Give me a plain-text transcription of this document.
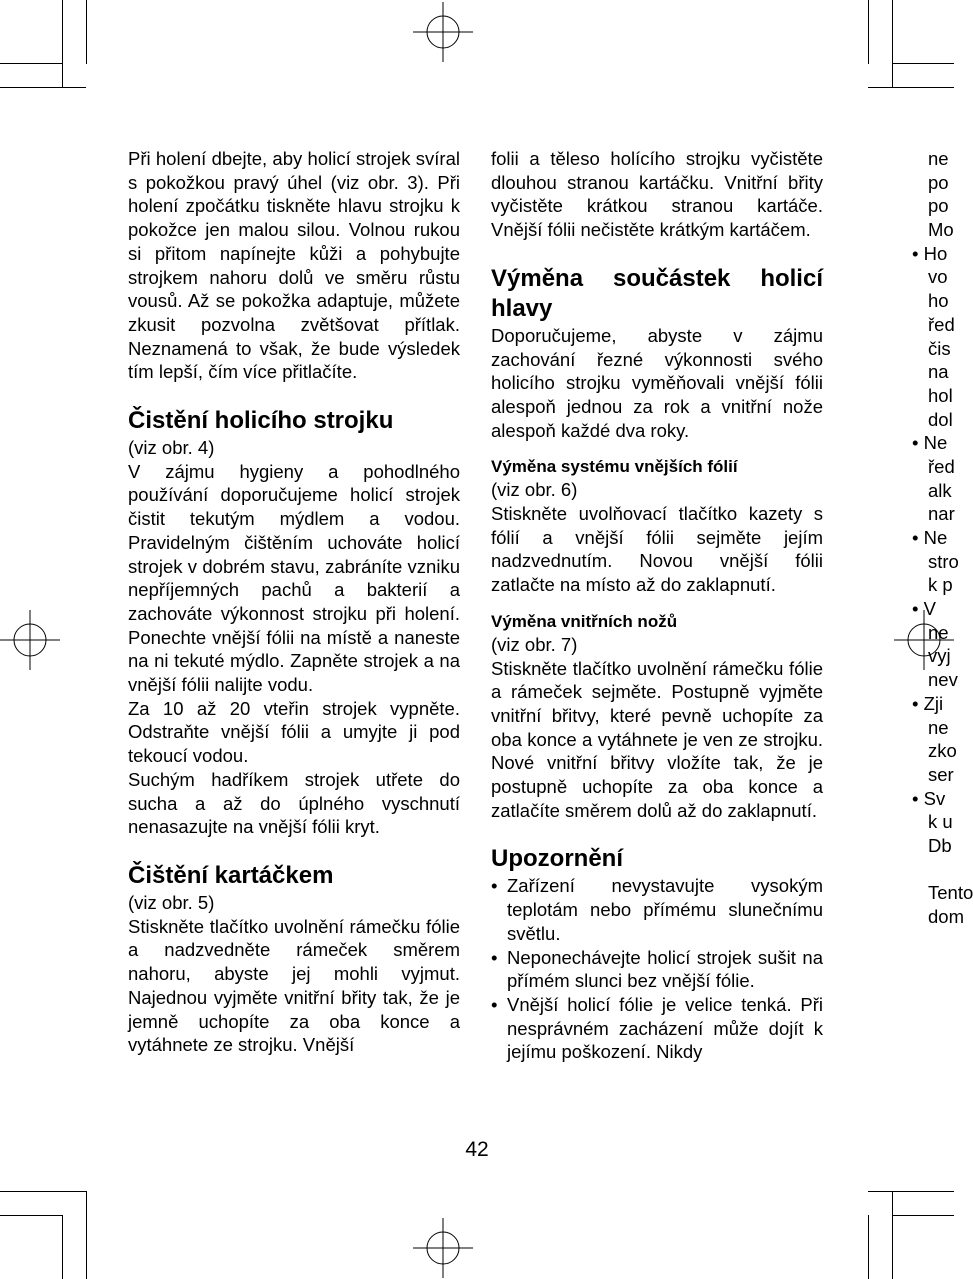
Při holení dbejte, aby holicí strojek svíral s pokožkou pravý úhel (viz obr. 3). Při holení zpočátku tiskněte hlavu strojku k pokožce jen malou silou. Volnou rukou si přitom napínejte kůži a pohybujte strojkem nahoru dolů ve směru růstu vousů. Až se pokožka adaptuje, můžete zkusit pozvolna zvětšovat přítlak. Neznamená to však, že bude výsledek tím lepší, čím více přitlačíte.

Čistění holicího strojku

(viz obr. 4)

V zájmu hygieny a pohodlného používání doporučujeme holicí strojek čistit tekutým mýdlem a vodou. Pravidelným čištěním uchováte holicí strojek v dobrém stavu, zabráníte vzniku nepříjemných pachů a bakterií a zachováte výkonnost strojku při holení. Ponechte vnější fólii na místě a naneste na ni tekuté mýdlo. Zapněte strojek a na vnější fólii nalijte vodu.

Za 10 až 20 vteřin strojek vypněte. Odstraňte vnější fólii a umyjte ji pod tekoucí vodou.

Suchým hadříkem strojek utřete do sucha a až do úplného vyschnutí nenasazujte na vnější fólii kryt.

Čištění kartáčkem

(viz obr. 5)

Stiskněte tlačítko uvolnění rámečku fólie a nadzvedněte rámeček směrem nahoru, abyste jej mohli vyjmut. Najednou vyjměte vnitřní břity tak, že je jemně uchopíte za oba konce a vytáhnete ze strojku. Vnější

folii a těleso holícího strojku vyčistěte dlouhou stranou kartáčku. Vnitřní břity vyčistěte krátkou stranou kartáče. Vnější fólii nečistěte krátkým kartáčem.

Výměna součástek holicí hlavy

Doporučujeme, abyste v zájmu zachování řezné výkonnosti svého holicího strojku vyměňovali vnější fólii alespoň jednou za rok a vnitřní nože alespoň každé dva roky.

Výměna systému vnějších fólií

(viz obr. 6)

Stiskněte uvolňovací tlačítko kazety s fólií a vnější fólii sejměte jejím nadzvednutím. Novou vnější fólii zatlačte na místo až do zaklapnutí.

Výměna vnitřních nožů

(viz obr. 7)

Stiskněte tlačítko uvolnění rámečku fólie a rámeček sejměte. Postupně vyjměte vnitřní břitvy, které pevně uchopíte za oba konce a vytáhnete je ven ze strojku. Nové vnitřní břitvy vložíte tak, že je postupně uchopíte za oba konce a zatlačíte směrem dolů až do zaklapnutí.

Upozornění
• Zařízení nevystavujte vysokým teplotám nebo přímému slunečnímu světlu.
• Neponechávejte holicí strojek sušit na přímém slunci bez vnější fólie.
• Vnější holicí fólie je velice tenká. Při nesprávném zacházení může dojít k jejímu poškození. Nikdy
ne
po
po
Mo
• Ho
vo
ho
řed
čis
na
hol
dol
• Ne
řed
alk
nar
• Ne
stro
k p
• V
ne
vyj
nev
• Zji
ne
zko
ser
• Sv
k u
Db
Tento
dom
42
